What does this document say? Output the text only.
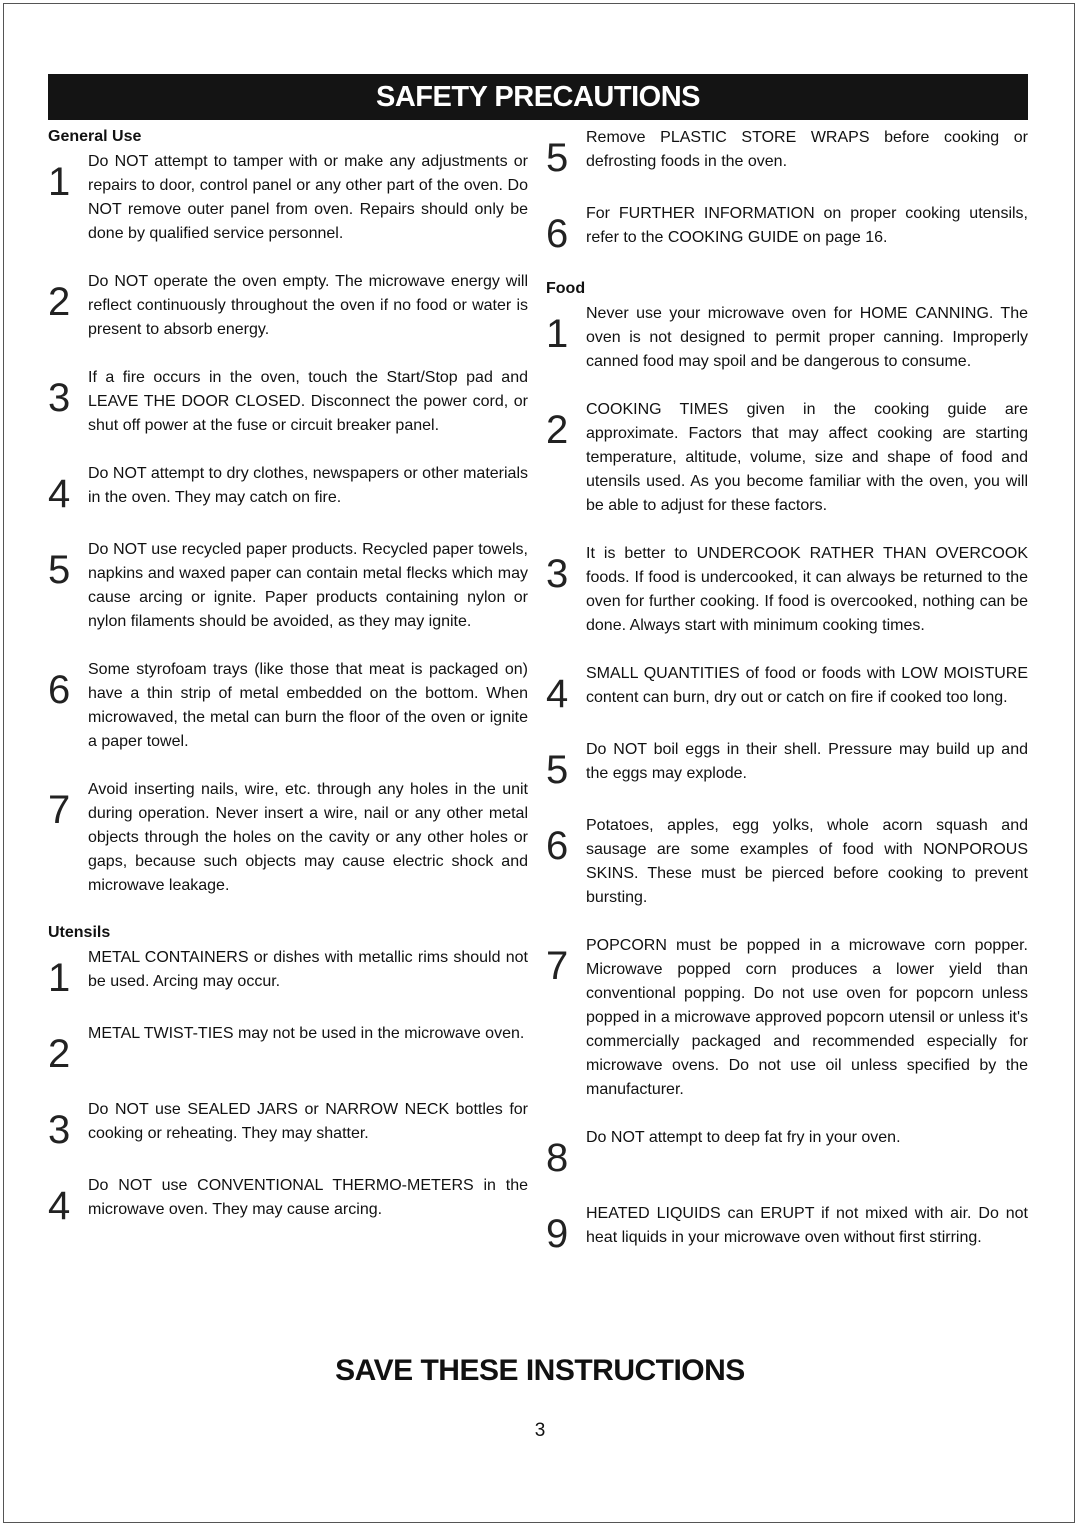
SAFETY PRECAUTIONS
General Use
1	Do NOT attempt to tamper with or make any adjustments or repairs to door, control panel or any other part of the oven. Do NOT remove outer panel from oven. Repairs should only be done by qualified service personnel.

2	Do NOT operate the oven empty. The microwave energy will reflect continuously throughout the oven if no food or water is present to absorb energy.

3	If a fire occurs in the oven, touch the Start/Stop pad and LEAVE THE DOOR CLOSED. Disconnect the power cord, or shut off power at the fuse or circuit breaker panel.

4	Do NOT attempt to dry clothes, newspapers or other materials in the oven. They may catch on fire.

5	Do NOT use recycled paper products. Recycled paper towels, napkins and waxed paper can contain metal flecks which may cause arcing or ignite. Paper products containing nylon or nylon filaments should be avoided, as they may ignite.

6	Some styrofoam trays (like those that meat is packaged on) have a thin strip of metal embedded on the bottom. When microwaved, the metal can burn the floor of the oven or ignite a paper towel.

7	Avoid inserting nails, wire, etc. through any holes in the unit during operation. Never insert a wire, nail or any other metal objects through the holes on the cavity or any other holes or gaps, because such objects may cause electric shock and microwave leakage.

Utensils
1	METAL CONTAINERS or dishes with metallic rims should not be used. Arcing may occur.

2	METAL TWIST-TIES may not be used in the microwave oven.

3	Do NOT use SEALED JARS or NARROW NECK bottles for cooking or reheating. They may shatter.

4	Do NOT use CONVENTIONAL THERMO-METERS in the microwave oven. They may cause arcing.

5	Remove PLASTIC STORE WRAPS before cooking or defrosting foods in the oven.

6	For FURTHER INFORMATION on proper cooking utensils, refer to the COOKING GUIDE on page 16.

Food
1	Never use your microwave oven for HOME CANNING. The oven is not designed to permit proper canning. Improperly canned food may spoil and be dangerous to consume.

2	COOKING TIMES given in the cooking guide are approximate. Factors that may affect cooking are starting temperature, altitude, volume, size and shape of food and utensils used. As you become familiar with the oven, you will be able to adjust for these factors.

3	It is better to UNDERCOOK RATHER THAN OVERCOOK foods. If food is undercooked, it can always be returned to the oven for further cooking. If food is overcooked, nothing can be done. Always start with minimum cooking times.

4	SMALL QUANTITIES of food or foods with LOW MOISTURE content can burn, dry out or catch on fire if cooked too long.

5	Do NOT boil eggs in their shell. Pressure may build up and the eggs may explode.

6	Potatoes, apples, egg yolks, whole acorn squash and sausage are some examples of food with NONPOROUS SKINS. These must be pierced before cooking to prevent bursting.

7	POPCORN must be popped in a microwave corn popper. Microwave popped corn produces a lower yield than conventional popping. Do not use oven for popcorn unless popped in a microwave approved popcorn utensil or unless it's commercially packaged and recommended especially for microwave ovens. Do not use oil unless specified by the manufacturer.

8	Do NOT attempt to deep fat fry in your oven.

9	HEATED LIQUIDS can ERUPT if not mixed with air. Do not heat liquids in your microwave oven without first stirring.

SAVE THESE INSTRUCTIONS
3
